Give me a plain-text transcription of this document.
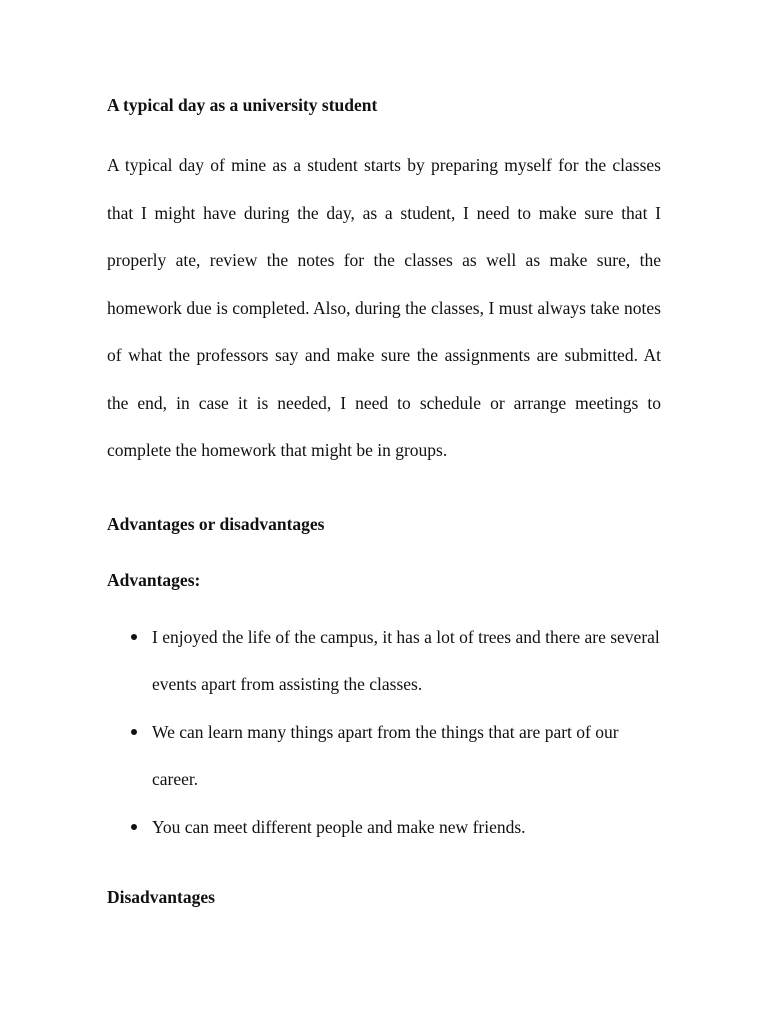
A typical day as a university student

A typical day of mine as a student starts by preparing myself for the classes that I might have during the day, as a student, I need to make sure that I properly ate, review the notes for the classes as well as make sure, the homework due is completed. Also, during the classes, I must always take notes of what the professors say and make sure the assignments are submitted. At the end, in case it is needed, I need to schedule or arrange meetings to complete the homework that might be in groups.

Advantages or disadvantages

Advantages:

I enjoyed the life of the campus, it has a lot of trees and there are several events apart from assisting the classes.
We can learn many things apart from the things that are part of our career.
You can meet different people and make new friends.

Disadvantages
